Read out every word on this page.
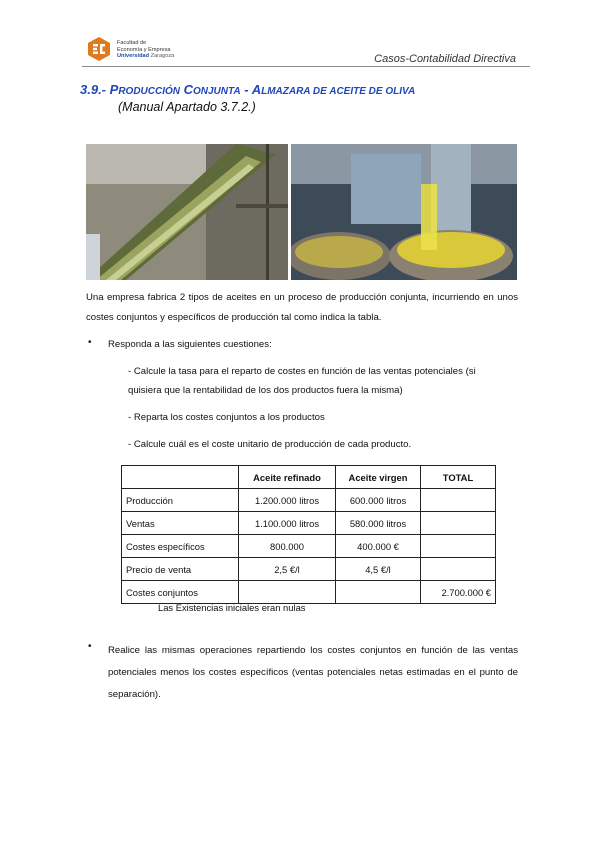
Facultad de
Economía y Empresa
Universidad Zaragoza	Casos-Contabilidad Directiva
3.9.- PRODUCCIÓN CONJUNTA - ALMAZARA DE ACEITE DE OLIVA
(Manual Apartado 3.7.2.)
Una empresa fabrica 2 tipos de aceites en un proceso de producción conjunta, incurriendo en unos costes conjuntos y específicos de producción tal como indica la tabla.
• Responda a las siguientes cuestiones:
- Calcule la tasa para el reparto de costes en función de las ventas potenciales (si quisiera que la rentabilidad de los dos productos fuera la misma)
- Reparta los costes conjuntos a los productos
- Calcule cuál es el coste unitario de producción de cada producto.
	Aceite refinado	Aceite virgen	TOTAL
Producción	1.200.000 litros	600.000 litros	
Ventas	1.100.000 litros	580.000 litros	
Costes específicos	800.000	400.000 €	
Precio de venta	2,5 €/l	4,5 €/l	
Costes conjuntos			2.700.000 €
Las Existencias iniciales eran nulas
• Realice las mismas operaciones repartiendo los costes conjuntos en función de las ventas potenciales menos los costes específicos (ventas potenciales netas estimadas en el punto de separación).
